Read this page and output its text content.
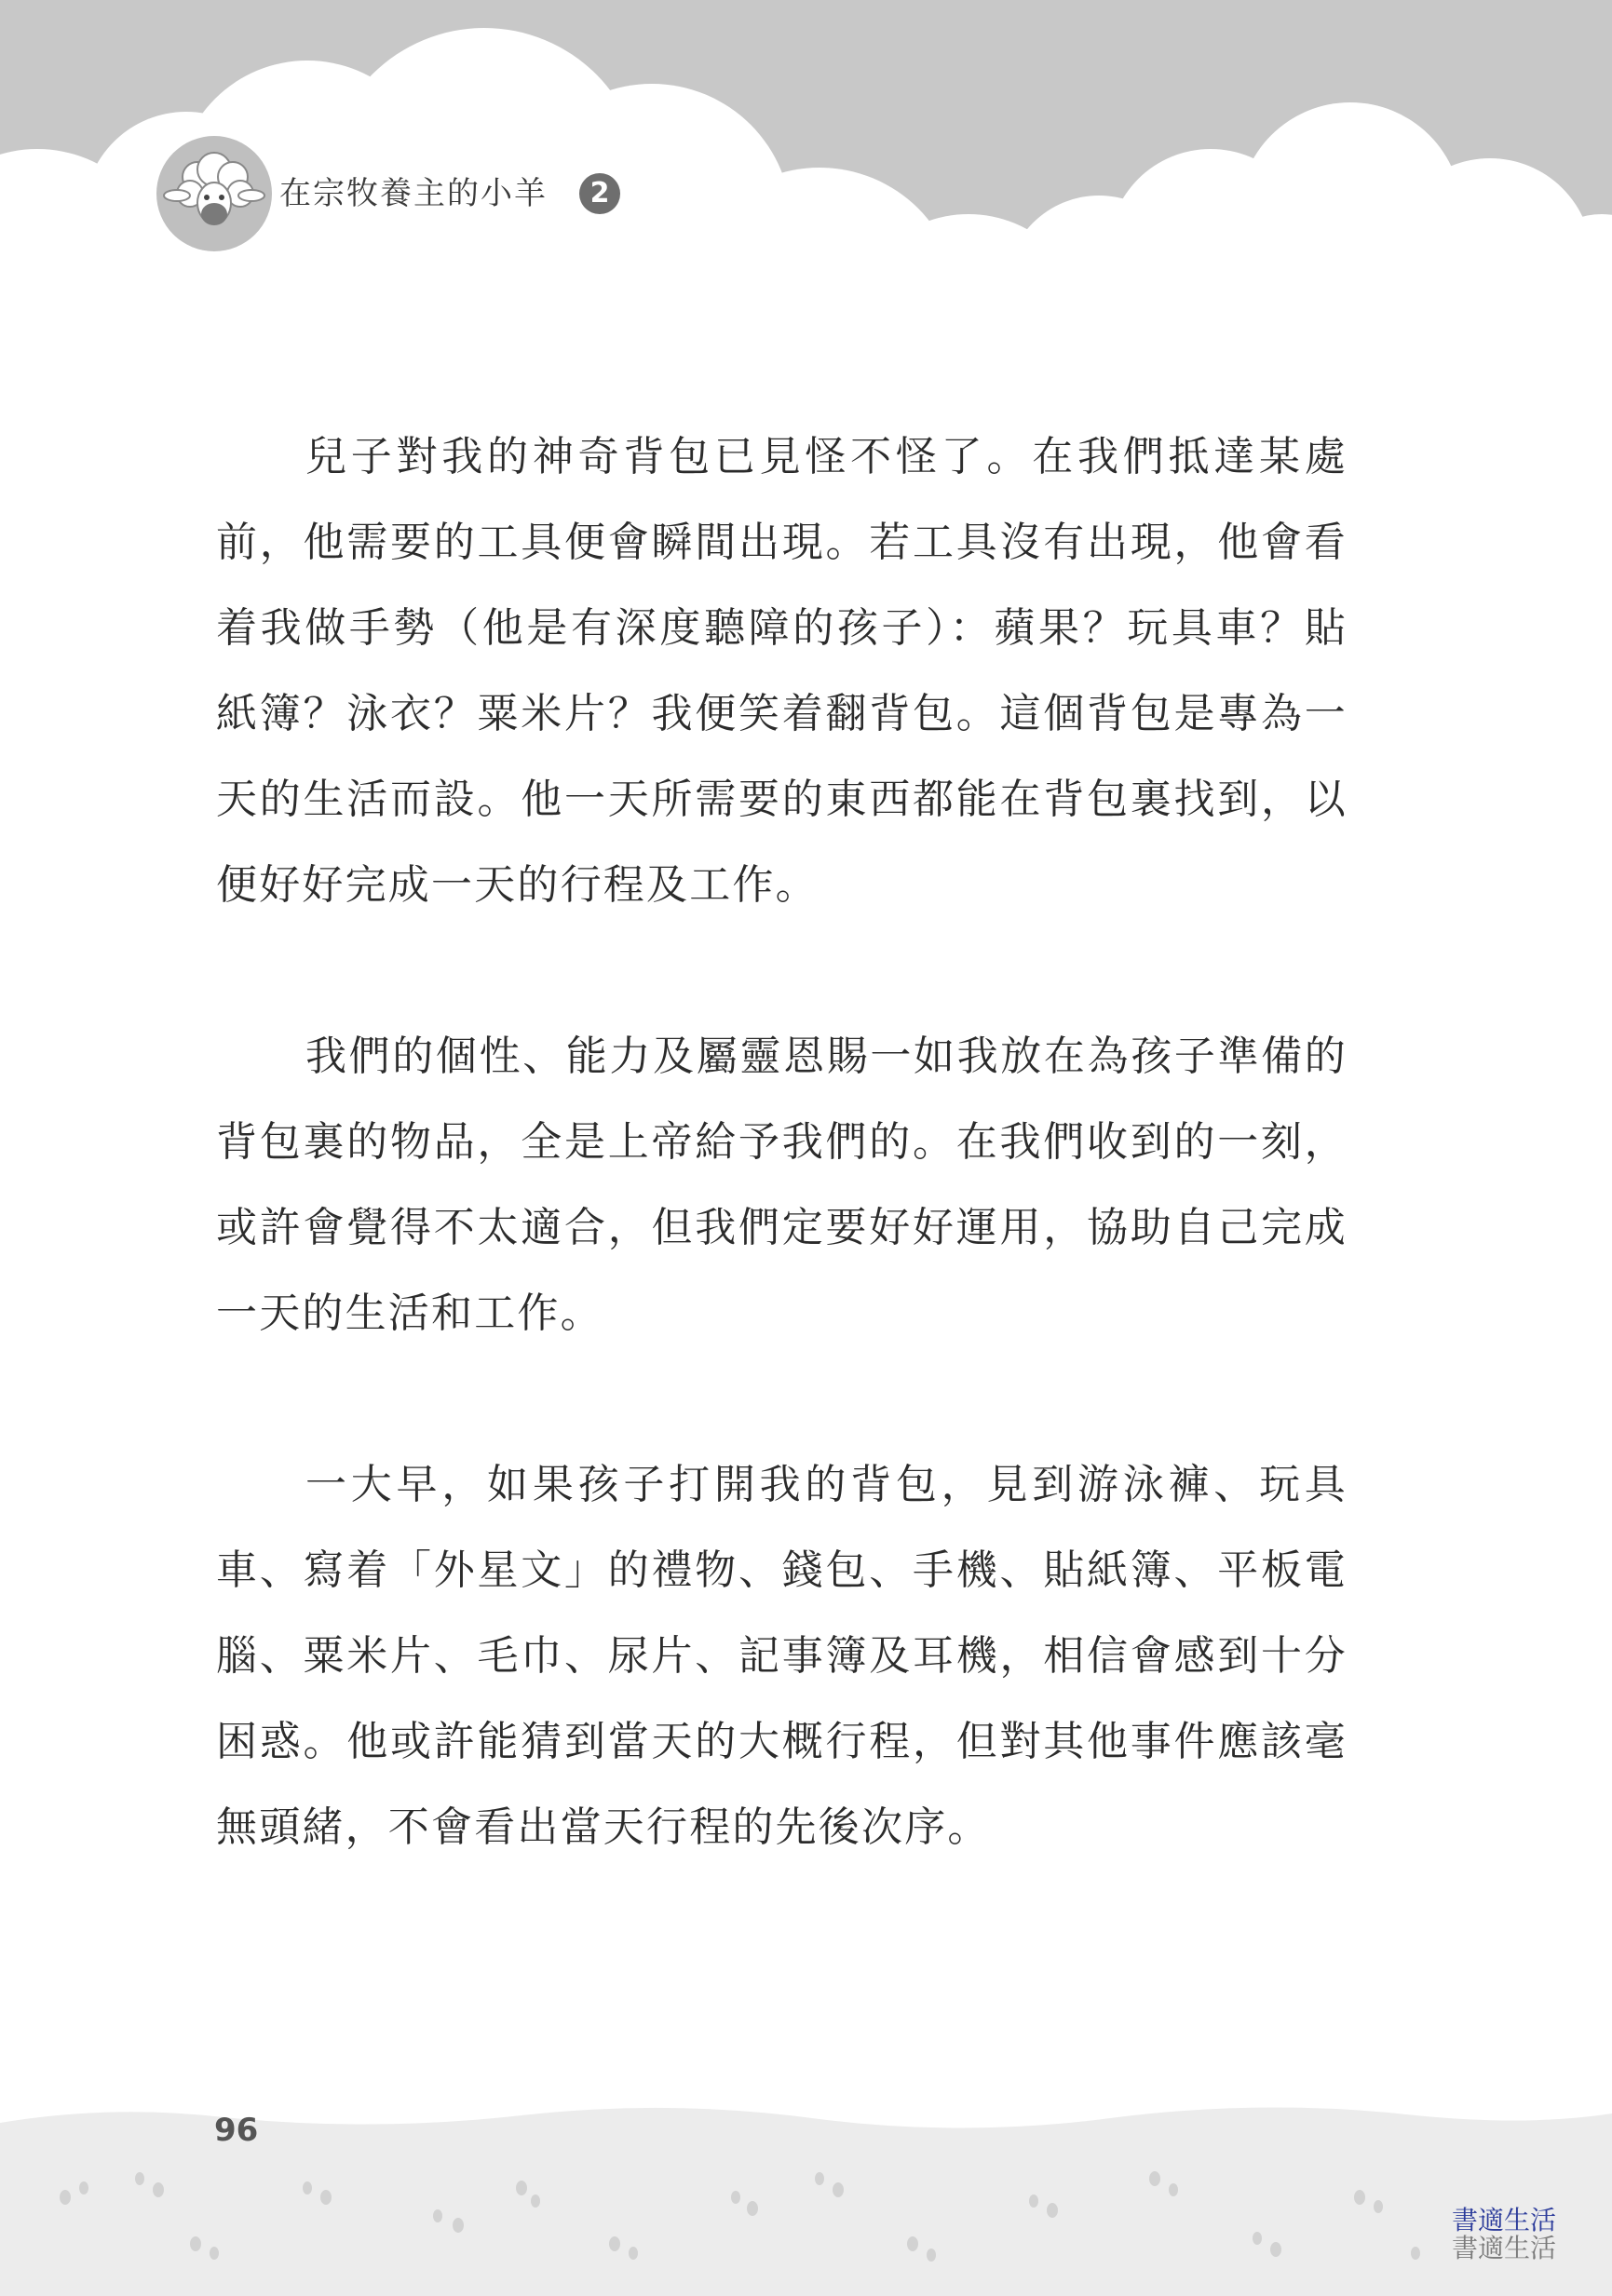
在宗牧養主的小羊	2

兒子對我的神奇背包已見怪不怪了。在我們抵達某處前，他需要的工具便會瞬間出現。若工具沒有出現，他會看着我做手勢（他是有深度聽障的孩子）：蘋果？玩具車？貼紙簿？泳衣？粟米片？我便笑着翻背包。這個背包是專為一天的生活而設。他一天所需要的東西都能在背包裏找到，以便好好完成一天的行程及工作。

我們的個性、能力及屬靈恩賜一如我放在為孩子準備的背包裏的物品，全是上帝給予我們的。在我們收到的一刻，或許會覺得不太適合，但我們定要好好運用，協助自己完成一天的生活和工作。

一大早，如果孩子打開我的背包，見到游泳褲、玩具車、寫着「外星文」的禮物、錢包、手機、貼紙簿、平板電腦、粟米片、毛巾、尿片、記事簿及耳機，相信會感到十分困惑。他或許能猜到當天的大概行程，但對其他事件應該毫無頭緒，不會看出當天行程的先後次序。

96
書適生活
書適生活
